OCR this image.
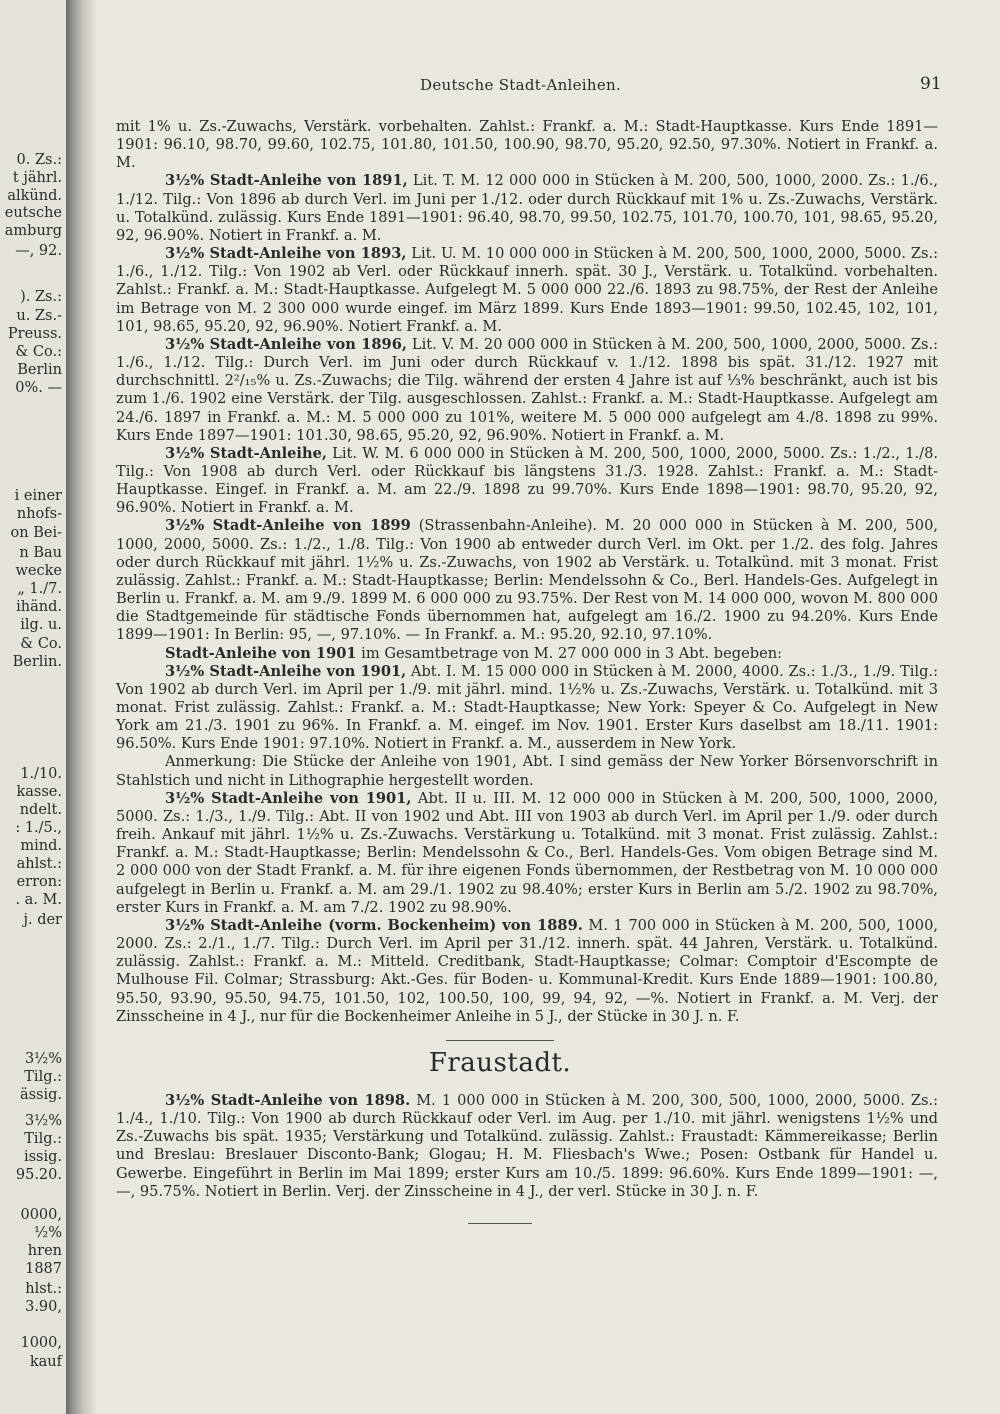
0. Zs.:
t jährl.
alkünd.
eutsche
amburg
—, 92.
). Zs.:
u. Zs.-
Preuss.
& Co.:
Berlin
0%. —
i einer
nhofs-
on Bei-
n Bau
wecke
„ 1./7.
ihänd.
ilg. u.
& Co.
Berlin.
1./10.
kasse.
ndelt.
: 1./5.,
mind.
ahlst.:
erron:
. a. M.
j. der
3½%
Tilg.:
ässig.
3½%
Tilg.:
issig.
95.20.
0000,
½%
hren
1887
hlst.:
3.90,
1000,
kauf
Deutsche Stadt-Anleihen.	91

mit 1% u. Zs.-Zuwachs, Verstärk. vorbehalten. Zahlst.: Frankf. a. M.: Stadt-Hauptkasse. Kurs Ende 1891—1901: 96.10, 98.70, 99.60, 102.75, 101.80, 101.50, 100.90, 98.70, 95.20, 92.50, 97.30%. Notiert in Frankf. a. M.

3½% Stadt-Anleihe von 1891, Lit. T. M. 12 000 000 in Stücken à M. 200, 500, 1000, 2000. Zs.: 1./6., 1./12. Tilg.: Von 1896 ab durch Verl. im Juni per 1./12. oder durch Rückkauf mit 1% u. Zs.-Zuwachs, Verstärk. u. Totalkünd. zulässig. Kurs Ende 1891—1901: 96.40, 98.70, 99.50, 102.75, 101.70, 100.70, 101, 98.65, 95.20, 92, 96.90%. Notiert in Frankf. a. M.

3½% Stadt-Anleihe von 1893, Lit. U. M. 10 000 000 in Stücken à M. 200, 500, 1000, 2000, 5000. Zs.: 1./6., 1./12. Tilg.: Von 1902 ab Verl. oder Rückkauf innerh. spät. 30 J., Verstärk. u. Totalkünd. vorbehalten. Zahlst.: Frankf. a. M.: Stadt-Hauptkasse. Aufgelegt M. 5 000 000 22./6. 1893 zu 98.75%, der Rest der Anleihe im Betrage von M. 2 300 000 wurde eingef. im März 1899. Kurs Ende 1893—1901: 99.50, 102.45, 102, 101, 101, 98.65, 95.20, 92, 96.90%. Notiert Frankf. a. M.

3½% Stadt-Anleihe von 1896, Lit. V. M. 20 000 000 in Stücken à M. 200, 500, 1000, 2000, 5000. Zs.: 1./6., 1./12. Tilg.: Durch Verl. im Juni oder durch Rückkauf v. 1./12. 1898 bis spät. 31./12. 1927 mit durchschnittl. 2²/₁₅% u. Zs.-Zuwachs; die Tilg. während der ersten 4 Jahre ist auf ⅓% beschränkt, auch ist bis zum 1./6. 1902 eine Verstärk. der Tilg. ausgeschlossen. Zahlst.: Frankf. a. M.: Stadt-Hauptkasse. Aufgelegt am 24./6. 1897 in Frankf. a. M.: M. 5 000 000 zu 101%, weitere M. 5 000 000 aufgelegt am 4./8. 1898 zu 99%. Kurs Ende 1897—1901: 101.30, 98.65, 95.20, 92, 96.90%. Notiert in Frankf. a. M.

3½% Stadt-Anleihe, Lit. W. M. 6 000 000 in Stücken à M. 200, 500, 1000, 2000, 5000. Zs.: 1./2., 1./8. Tilg.: Von 1908 ab durch Verl. oder Rückkauf bis längstens 31./3. 1928. Zahlst.: Frankf. a. M.: Stadt-Hauptkasse. Eingef. in Frankf. a. M. am 22./9. 1898 zu 99.70%. Kurs Ende 1898—1901: 98.70, 95.20, 92, 96.90%. Notiert in Frankf. a. M.

3½% Stadt-Anleihe von 1899 (Strassenbahn-Anleihe). M. 20 000 000 in Stücken à M. 200, 500, 1000, 2000, 5000. Zs.: 1./2., 1./8. Tilg.: Von 1900 ab entweder durch Verl. im Okt. per 1./2. des folg. Jahres oder durch Rückkauf mit jährl. 1½% u. Zs.-Zuwachs, von 1902 ab Verstärk. u. Totalkünd. mit 3 monat. Frist zulässig. Zahlst.: Frankf. a. M.: Stadt-Hauptkasse; Berlin: Mendelssohn & Co., Berl. Handels-Ges. Aufgelegt in Berlin u. Frankf. a. M. am 9./9. 1899 M. 6 000 000 zu 93.75%. Der Rest von M. 14 000 000, wovon M. 800 000 die Stadtgemeinde für städtische Fonds übernommen hat, aufgelegt am 16./2. 1900 zu 94.20%. Kurs Ende 1899—1901: In Berlin: 95, —, 97.10%. — In Frankf. a. M.: 95.20, 92.10, 97.10%.

Stadt-Anleihe von 1901 im Gesamtbetrage von M. 27 000 000 in 3 Abt. begeben:

3½% Stadt-Anleihe von 1901, Abt. I. M. 15 000 000 in Stücken à M. 2000, 4000. Zs.: 1./3., 1./9. Tilg.: Von 1902 ab durch Verl. im April per 1./9. mit jährl. mind. 1½% u. Zs.-Zuwachs, Verstärk. u. Totalkünd. mit 3 monat. Frist zulässig. Zahlst.: Frankf. a. M.: Stadt-Hauptkasse; New York: Speyer & Co. Aufgelegt in New York am 21./3. 1901 zu 96%. In Frankf. a. M. eingef. im Nov. 1901. Erster Kurs daselbst am 18./11. 1901: 96.50%. Kurs Ende 1901: 97.10%. Notiert in Frankf. a. M., ausserdem in New York.

Anmerkung: Die Stücke der Anleihe von 1901, Abt. I sind gemäss der New Yorker Börsenvorschrift in Stahlstich und nicht in Lithographie hergestellt worden.

3½% Stadt-Anleihe von 1901, Abt. II u. III. M. 12 000 000 in Stücken à M. 200, 500, 1000, 2000, 5000. Zs.: 1./3., 1./9. Tilg.: Abt. II von 1902 und Abt. III von 1903 ab durch Verl. im April per 1./9. oder durch freih. Ankauf mit jährl. 1½% u. Zs.-Zuwachs. Verstärkung u. Totalkünd. mit 3 monat. Frist zulässig. Zahlst.: Frankf. a. M.: Stadt-Hauptkasse; Berlin: Mendelssohn & Co., Berl. Handels-Ges. Vom obigen Betrage sind M. 2 000 000 von der Stadt Frankf. a. M. für ihre eigenen Fonds übernommen, der Restbetrag von M. 10 000 000 aufgelegt in Berlin u. Frankf. a. M. am 29./1. 1902 zu 98.40%; erster Kurs in Berlin am 5./2. 1902 zu 98.70%, erster Kurs in Frankf. a. M. am 7./2. 1902 zu 98.90%.

3½% Stadt-Anleihe (vorm. Bockenheim) von 1889. M. 1 700 000 in Stücken à M. 200, 500, 1000, 2000. Zs.: 2./1., 1./7. Tilg.: Durch Verl. im April per 31./12. innerh. spät. 44 Jahren, Verstärk. u. Totalkünd. zulässig. Zahlst.: Frankf. a. M.: Mitteld. Creditbank, Stadt-Hauptkasse; Colmar: Comptoir d'Escompte de Mulhouse Fil. Colmar; Strassburg: Akt.-Ges. für Boden- u. Kommunal-Kredit. Kurs Ende 1889—1901: 100.80, 95.50, 93.90, 95.50, 94.75, 101.50, 102, 100.50, 100, 99, 94, 92, —%. Notiert in Frankf. a. M. Verj. der Zinsscheine in 4 J., nur für die Bockenheimer Anleihe in 5 J., der Stücke in 30 J. n. F.

Fraustadt.

3½% Stadt-Anleihe von 1898. M. 1 000 000 in Stücken à M. 200, 300, 500, 1000, 2000, 5000. Zs.: 1./4., 1./10. Tilg.: Von 1900 ab durch Rückkauf oder Verl. im Aug. per 1./10. mit jährl. wenigstens 1½% und Zs.-Zuwachs bis spät. 1935; Verstärkung und Totalkünd. zulässig. Zahlst.: Fraustadt: Kämmereikasse; Berlin und Breslau: Breslauer Disconto-Bank; Glogau; H. M. Fliesbach's Wwe.; Posen: Ostbank für Handel u. Gewerbe. Eingeführt in Berlin im Mai 1899; erster Kurs am 10./5. 1899: 96.60%. Kurs Ende 1899—1901: —, —, 95.75%. Notiert in Berlin. Verj. der Zinsscheine in 4 J., der verl. Stücke in 30 J. n. F.
